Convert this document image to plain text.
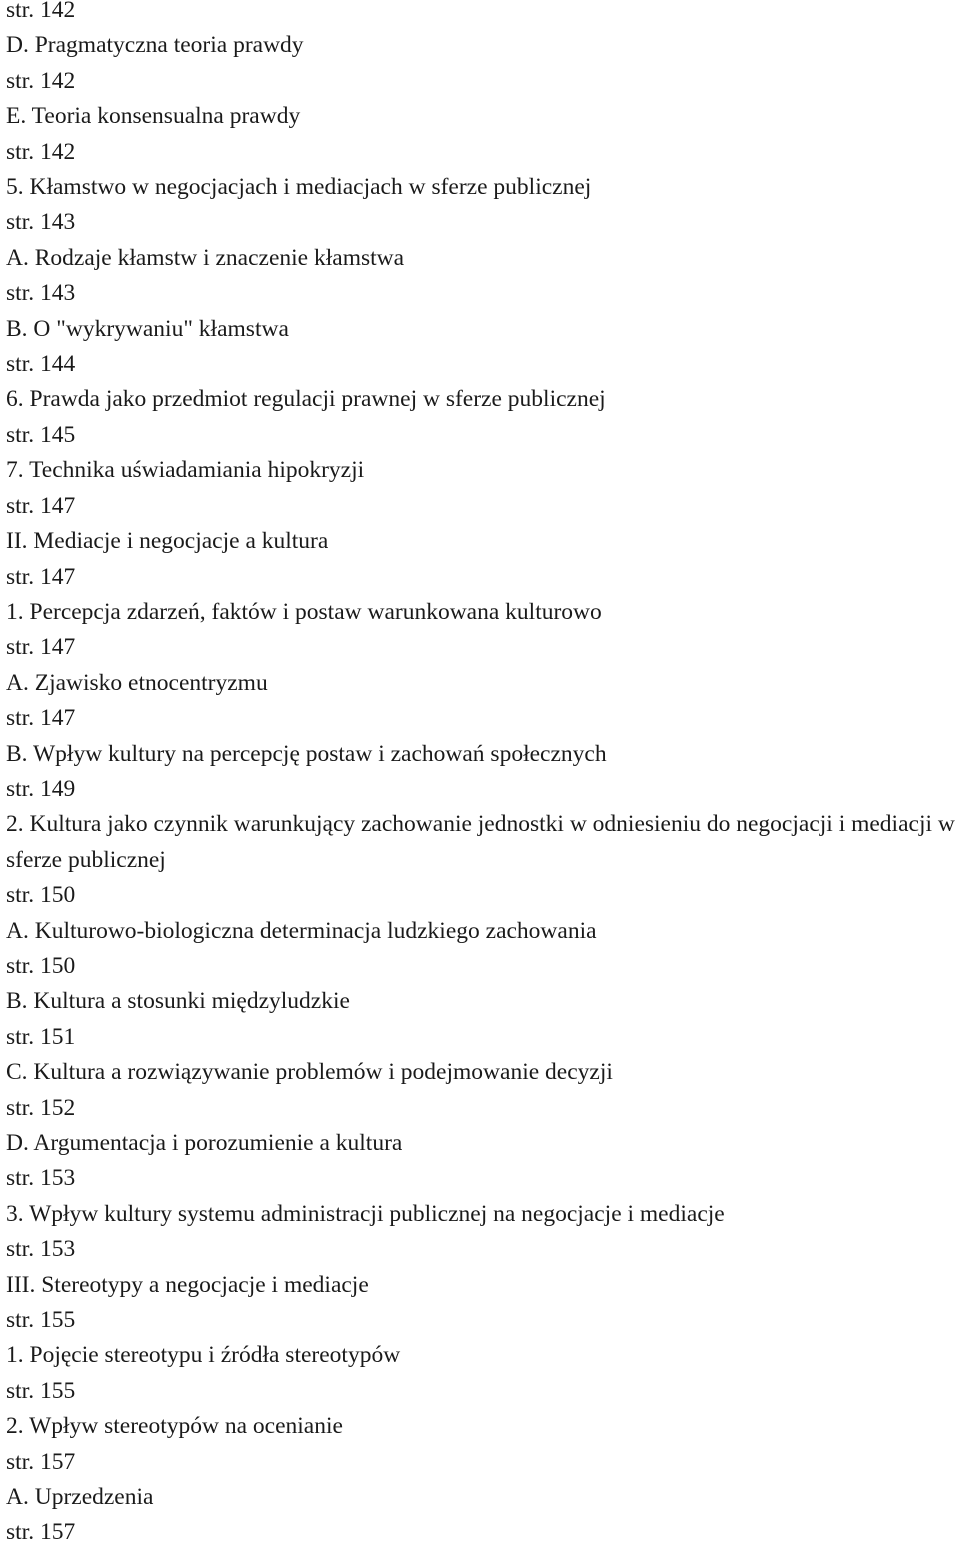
str. 142
D. Pragmatyczna teoria prawdy
str. 142
E. Teoria konsensualna prawdy
str. 142
5. Kłamstwo w negocjacjach i mediacjach w sferze publicznej
str. 143
A. Rodzaje kłamstw i znaczenie kłamstwa
str. 143
B. O "wykrywaniu" kłamstwa
str. 144
6. Prawda jako przedmiot regulacji prawnej w sferze publicznej
str. 145
7. Technika uświadamiania hipokryzji
str. 147
II. Mediacje i negocjacje a kultura
str. 147
1. Percepcja zdarzeń, faktów i postaw warunkowana kulturowo
str. 147
A. Zjawisko etnocentryzmu
str. 147
B. Wpływ kultury na percepcję postaw i zachowań społecznych
str. 149
2. Kultura jako czynnik warunkujący zachowanie jednostki w odniesieniu do negocjacji i mediacji w sferze publicznej
str. 150
A. Kulturowo-biologiczna determinacja ludzkiego zachowania
str. 150
B. Kultura a stosunki międzyludzkie
str. 151
C. Kultura a rozwiązywanie problemów i podejmowanie decyzji
str. 152
D. Argumentacja i porozumienie a kultura
str. 153
3. Wpływ kultury systemu administracji publicznej na negocjacje i mediacje
str. 153
III. Stereotypy a negocjacje i mediacje
str. 155
1. Pojęcie stereotypu i źródła stereotypów
str. 155
2. Wpływ stereotypów na ocenianie
str. 157
A. Uprzedzenia
str. 157
